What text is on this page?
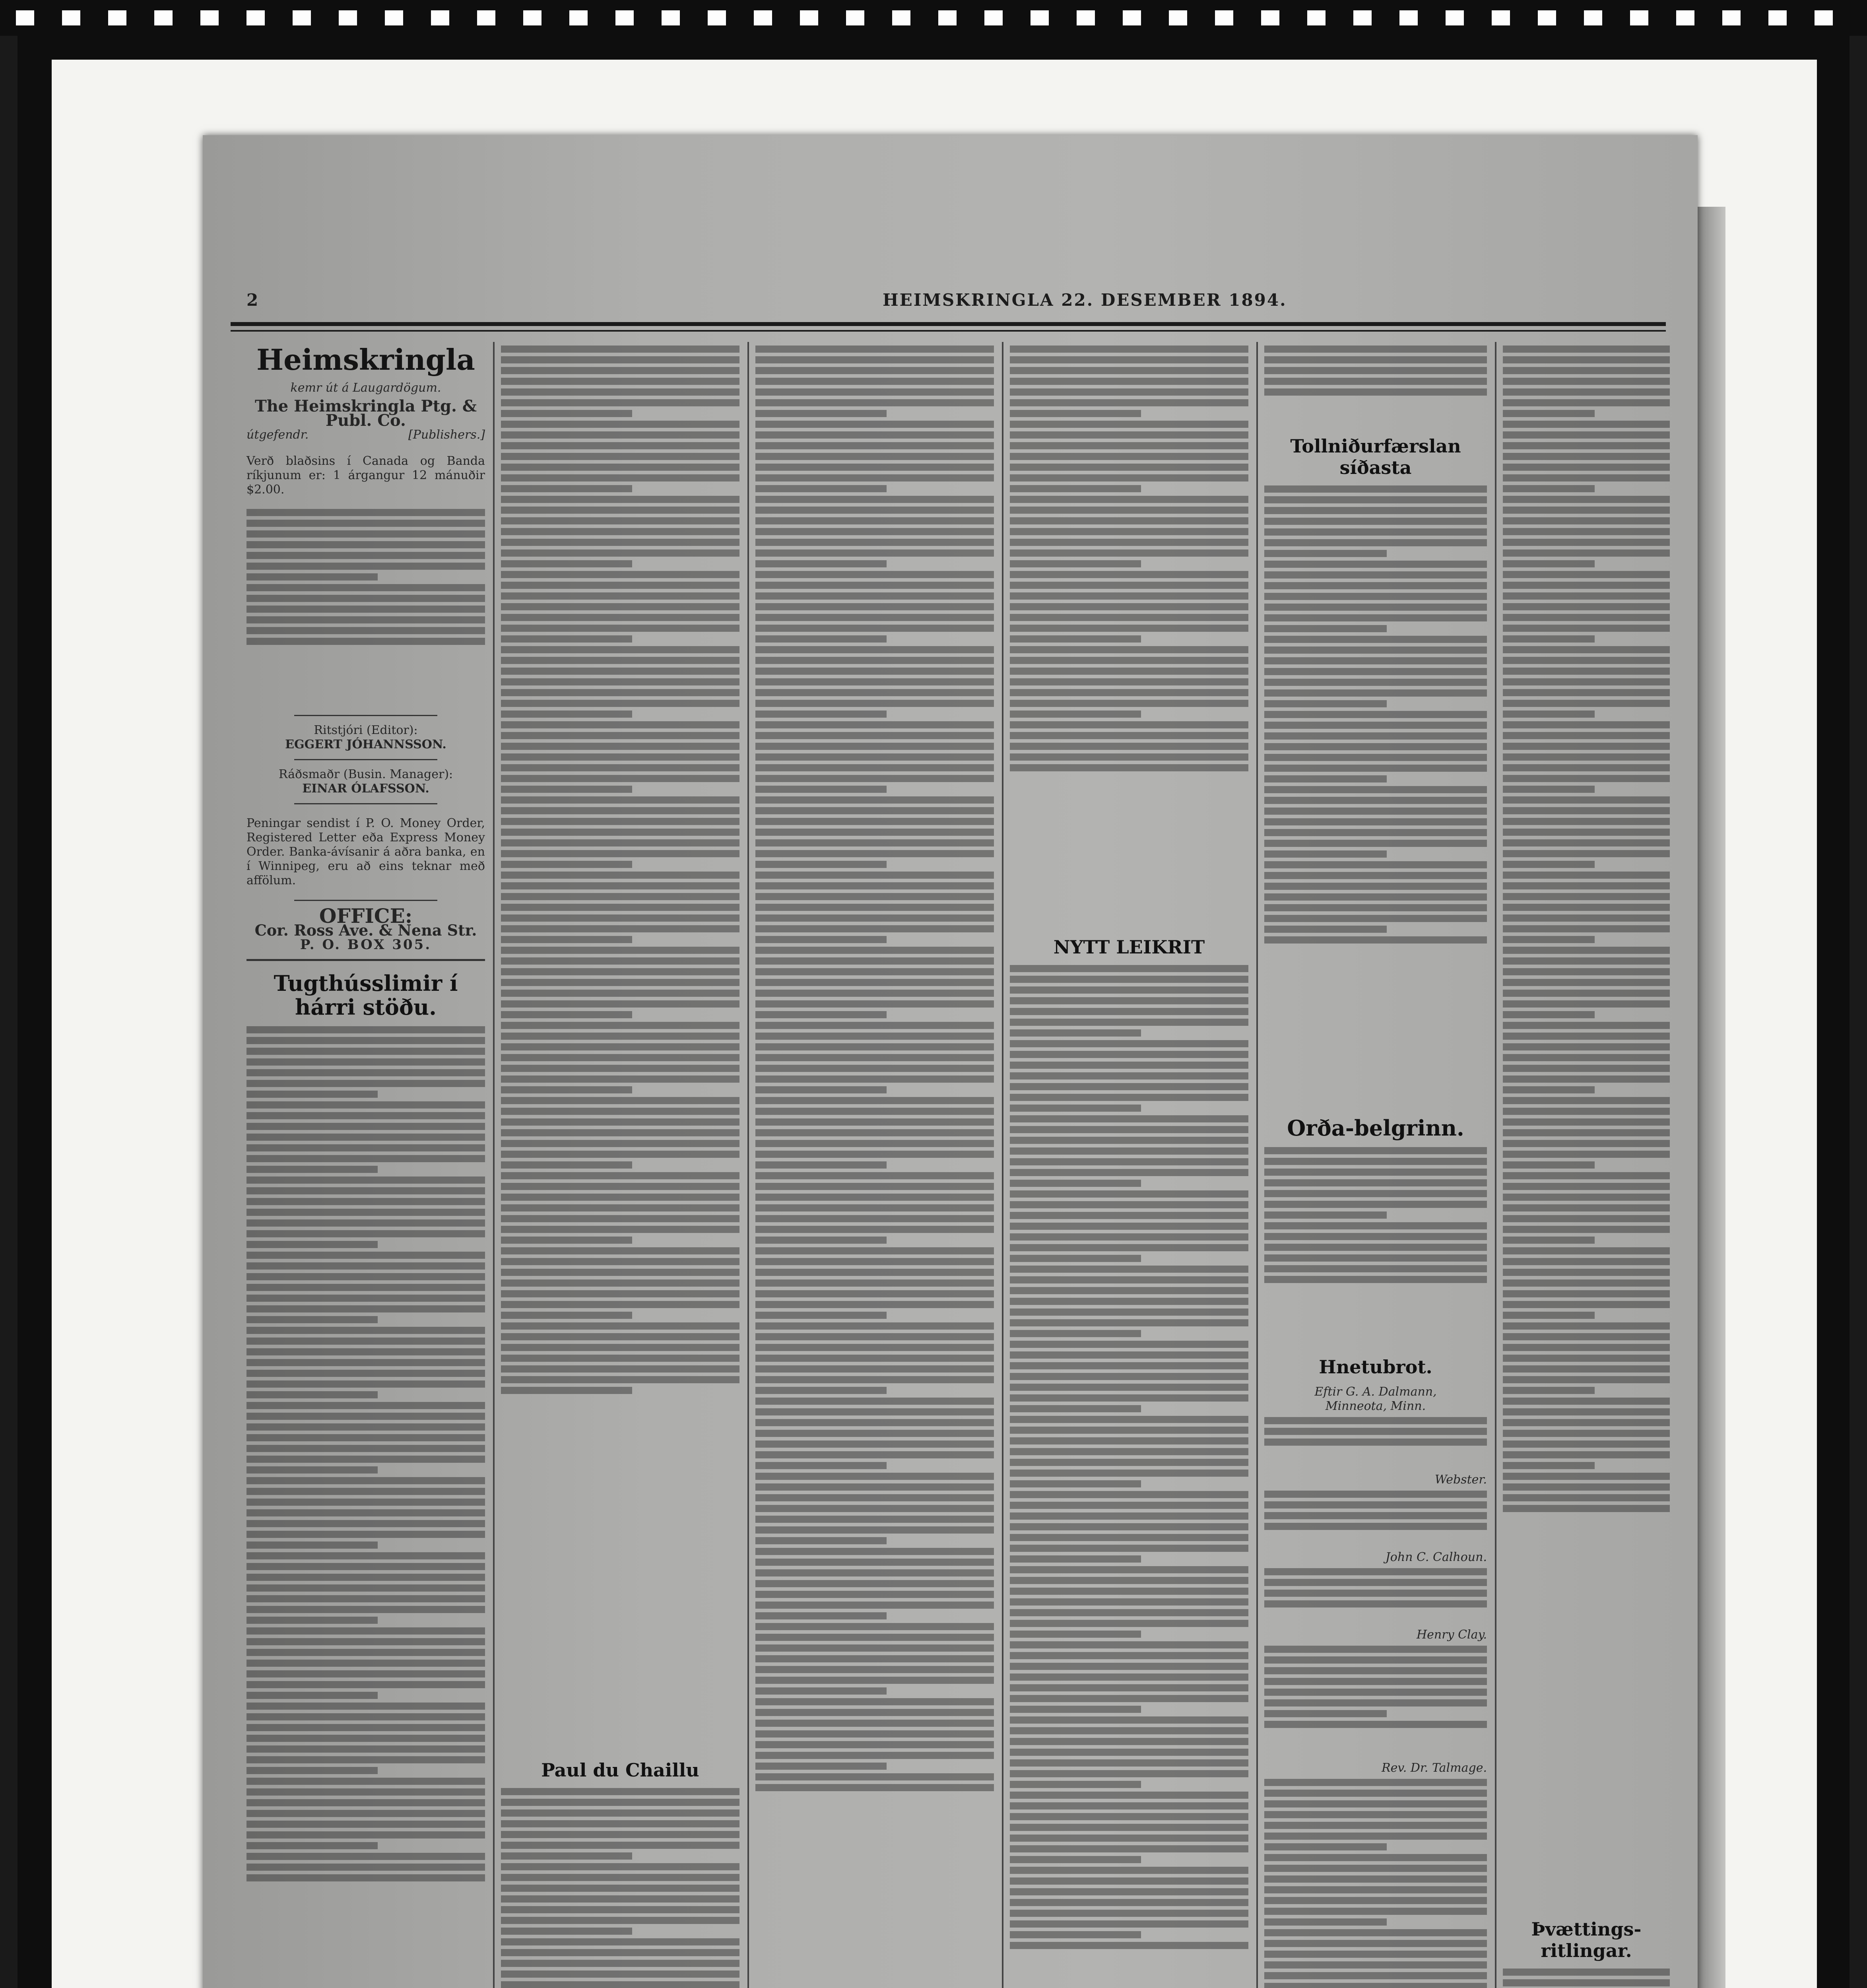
2	HEIMSKRINGLA 22. DESEMBER 1894.
Heimskringla
kemr út á Laugardögum.
The Heimskringla Ptg. & Publ. Co.
útgefendr.	[Publishers.]

Verð blaðsins í Canada og Banda ríkjunum er: 1 árgangur 12 mánuðir $2.00.

Ritstjóri (Editor):
EGGERT JÓHANNSSON.
Ráðsmaðr (Busin. Manager):
EINAR ÓLAFSSON.

Peningar sendist í P. O. Money Order, Registered Letter eða Express Money Order. Banka-ávísanir á aðra banka, en í Winnipeg, eru að eins teknar með affölum.

OFFICE:
Cor. Ross Ave. & Nena Str.
P. O. BOX 305.
Tugthússlimir í hárri stöðu.
Paul du Chaillu
NYTT LEIKRIT
Tollniðurfærslan síðasta
Orða-belgrinn.
Hnetubrot.
Eftir G. A. Dalmann,
Minneota, Minn.
Webster.
John C. Calhoun.
Henry Clay.
Rev. Dr. Talmage.
Þvættings-ritlingar.
